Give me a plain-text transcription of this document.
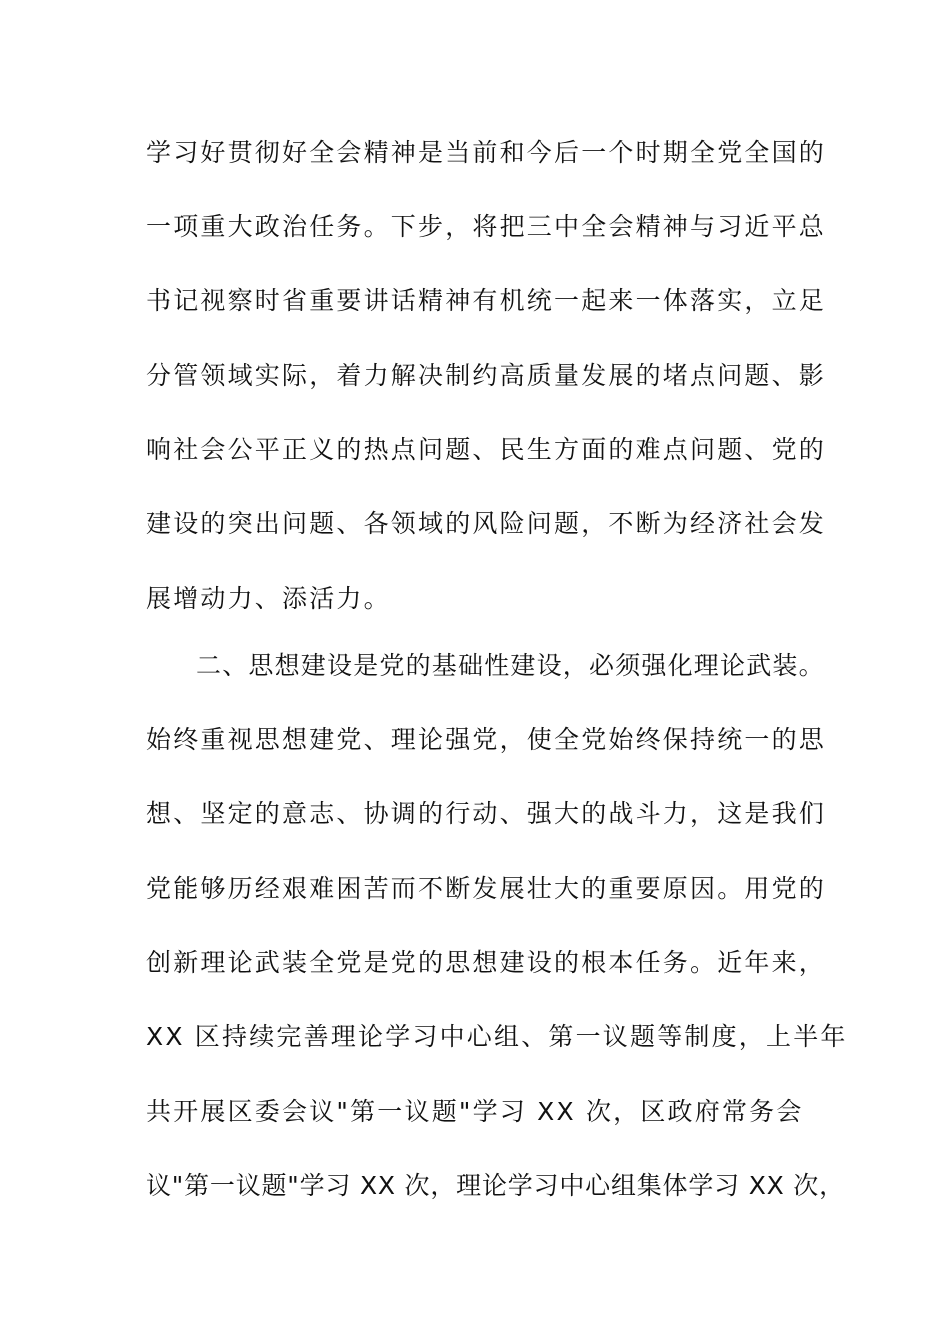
学习好贯彻好全会精神是当前和今后一个时期全党全国的
一项重大政治任务。下步，将把三中全会精神与习近平总
书记视察时省重要讲话精神有机统一起来一体落实，立足
分管领域实际，着力解决制约高质量发展的堵点问题、影
响社会公平正义的热点问题、民生方面的难点问题、党的
建设的突出问题、各领域的风险问题，不断为经济社会发
展增动力、添活力。
二、思想建设是党的基础性建设，必须强化理论武装。
始终重视思想建党、理论强党，使全党始终保持统一的思
想、坚定的意志、协调的行动、强大的战斗力，这是我们
党能够历经艰难困苦而不断发展壮大的重要原因。用党的
创新理论武装全党是党的思想建设的根本任务。近年来，
XX 区持续完善理论学习中心组、第一议题等制度，上半年
共开展区委会议"第一议题"学习 XX 次，区政府常务会
议"第一议题"学习 XX 次，理论学习中心组集体学习 XX 次，
